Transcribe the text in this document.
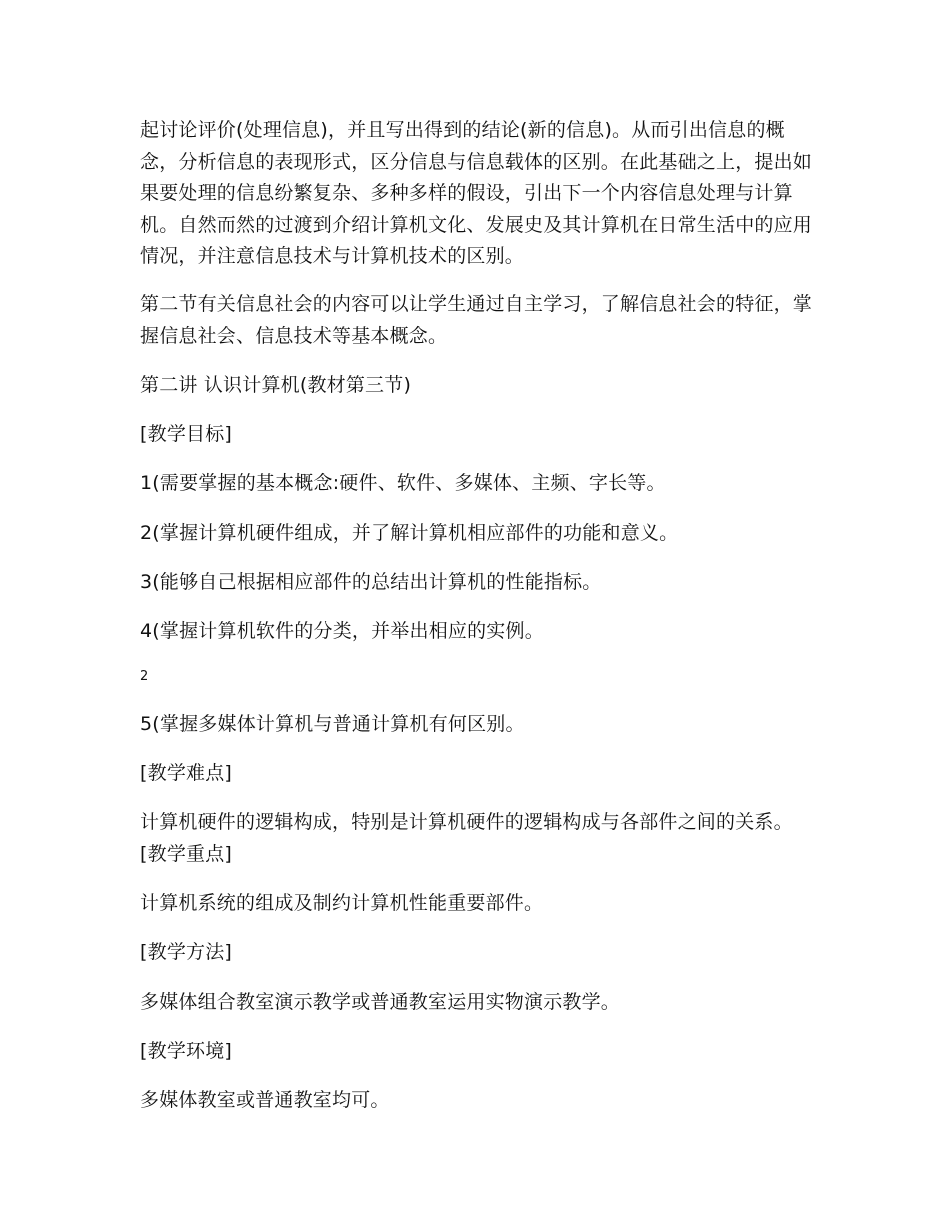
起讨论评价(处理信息)，并且写出得到的结论(新的信息)。从而引出信息的概念，分析信息的表现形式，区分信息与信息载体的区别。在此基础之上，提出如果要处理的信息纷繁复杂、多种多样的假设，引出下一个内容信息处理与计算机。自然而然的过渡到介绍计算机文化、发展史及其计算机在日常生活中的应用情况，并注意信息技术与计算机技术的区别。

第二节有关信息社会的内容可以让学生通过自主学习，了解信息社会的特征，掌握信息社会、信息技术等基本概念。

第二讲 认识计算机(教材第三节)

[教学目标]

1(需要掌握的基本概念:硬件、软件、多媒体、主频、字长等。

2(掌握计算机硬件组成，并了解计算机相应部件的功能和意义。

3(能够自己根据相应部件的总结出计算机的性能指标。

4(掌握计算机软件的分类，并举出相应的实例。

2

5(掌握多媒体计算机与普通计算机有何区别。

[教学难点]

计算机硬件的逻辑构成，特别是计算机硬件的逻辑构成与各部件之间的关系。 [教学重点]

计算机系统的组成及制约计算机性能重要部件。

[教学方法]

多媒体组合教室演示教学或普通教室运用实物演示教学。

[教学环境]

多媒体教室或普通教室均可。
